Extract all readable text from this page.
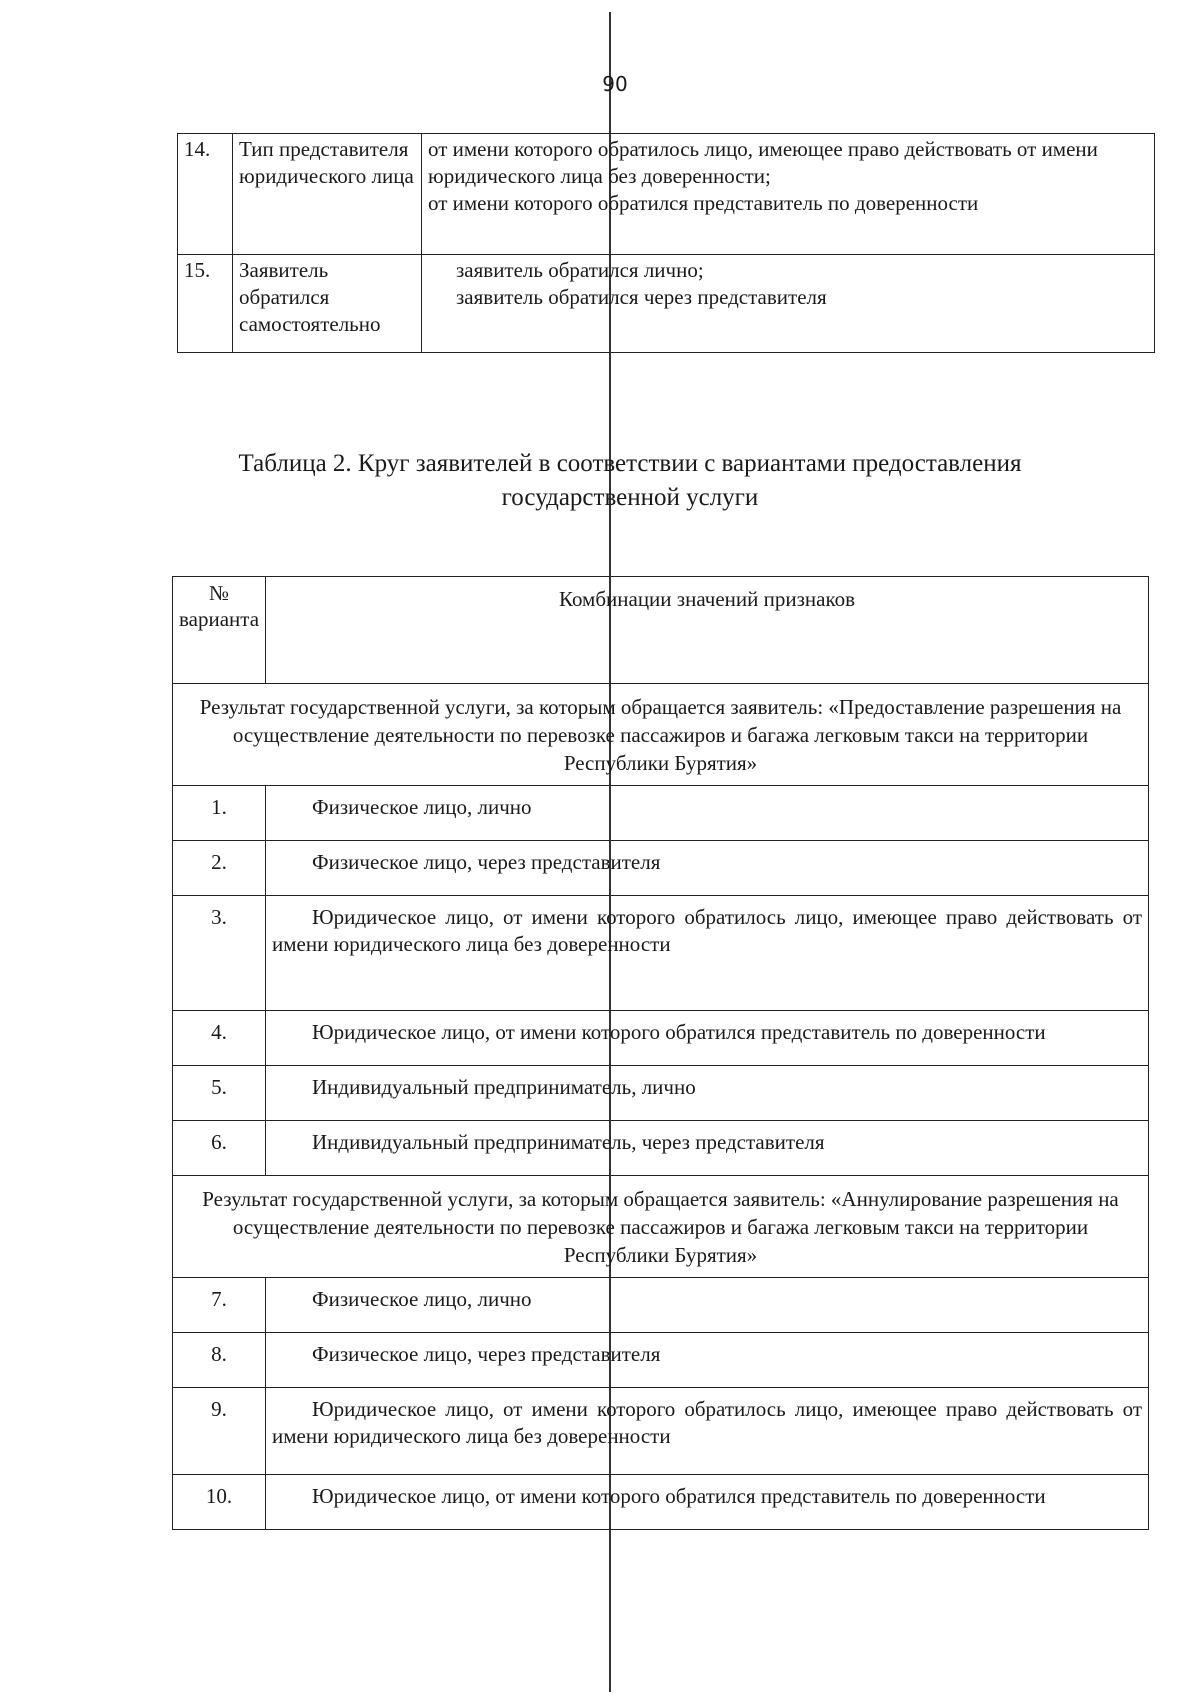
90
14.	Тип представителя юридического лица	от имени которого обратилось лицо, имеющее право действовать от имени юридического лица без доверенности;
от имени которого обратился представитель по доверенности

15.	Заявитель обратился самостоятельно	заявитель обратился лично;
заявитель обратился через представителя
Таблица 2. Круг заявителей в соответствии с вариантами предоставления государственной услуги
№ варианта	Комбинации значений признаков
Результат государственной услуги, за которым обращается заявитель: «Предоставление разрешения на осуществление деятельности по перевозке пассажиров и багажа легковым такси на территории Республики Бурятия»	
1.	Физическое лицо, лично
2.	Физическое лицо, через представителя
3.	Юридическое лицо, от имени которого обратилось лицо, имеющее право действовать от имени юридического лица без доверенности
4.	Юридическое лицо, от имени которого обратился представитель по доверенности
5.	Индивидуальный предприниматель, лично
6.	Индивидуальный предприниматель, через представителя
Результат государственной услуги, за которым обращается заявитель: «Аннулирование разрешения на осуществление деятельности по перевозке пассажиров и багажа легковым такси на территории Республики Бурятия»	
7.	Физическое лицо, лично
8.	Физическое лицо, через представителя
9.	Юридическое лицо, от имени которого обратилось лицо, имеющее право действовать от имени юридического лица без доверенности
10.	Юридическое лицо, от имени которого обратился представитель по доверенности
